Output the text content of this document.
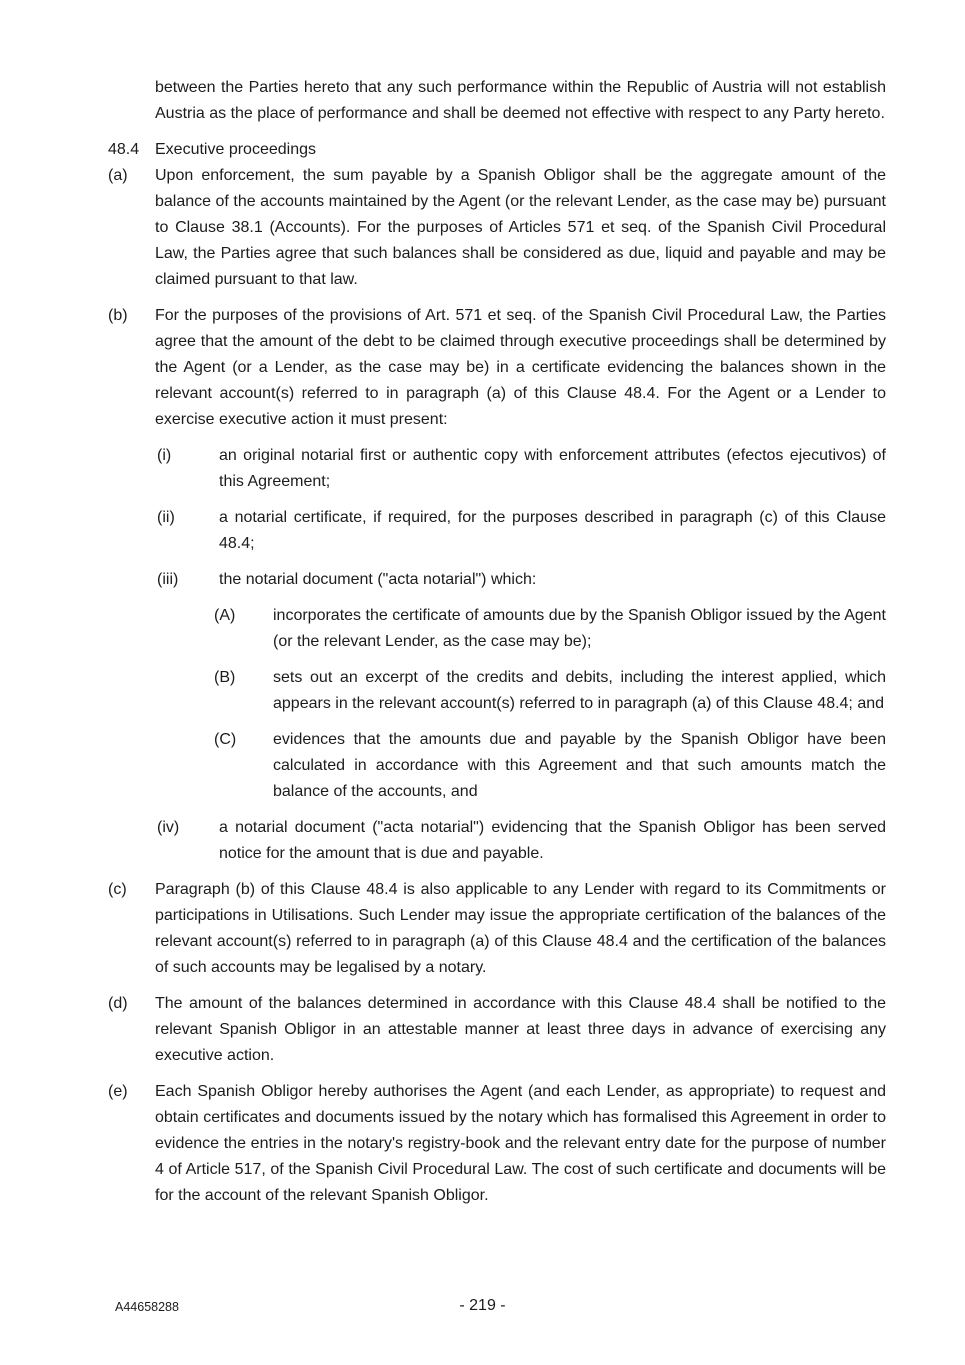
between the Parties hereto that any such performance within the Republic of Austria will not establish Austria as the place of performance and shall be deemed not effective with respect to any Party hereto.
48.4 Executive proceedings
(a)	Upon enforcement, the sum payable by a Spanish Obligor shall be the aggregate amount of the balance of the accounts maintained by the Agent (or the relevant Lender, as the case may be) pursuant to Clause 38.1 (Accounts). For the purposes of Articles 571 et seq. of the Spanish Civil Procedural Law, the Parties agree that such balances shall be considered as due, liquid and payable and may be claimed pursuant to that law.
(b)	For the purposes of the provisions of Art. 571 et seq. of the Spanish Civil Procedural Law, the Parties agree that the amount of the debt to be claimed through executive proceedings shall be determined by the Agent (or a Lender, as the case may be) in a certificate evidencing the balances shown in the relevant account(s) referred to in paragraph (a) of this Clause 48.4. For the Agent or a Lender to exercise executive action it must present:
(i)	an original notarial first or authentic copy with enforcement attributes (efectos ejecutivos) of this Agreement;
(ii)	a notarial certificate, if required, for the purposes described in paragraph (c) of this Clause 48.4;
(iii)	the notarial document ("acta notarial") which:
(A)	incorporates the certificate of amounts due by the Spanish Obligor issued by the Agent (or the relevant Lender, as the case may be);
(B)	sets out an excerpt of the credits and debits, including the interest applied, which appears in the relevant account(s) referred to in paragraph (a) of this Clause 48.4; and
(C)	evidences that the amounts due and payable by the Spanish Obligor have been calculated in accordance with this Agreement and that such amounts match the balance of the accounts, and
(iv)	a notarial document ("acta notarial") evidencing that the Spanish Obligor has been served notice for the amount that is due and payable.
(c)	Paragraph (b) of this Clause 48.4 is also applicable to any Lender with regard to its Commitments or participations in Utilisations. Such Lender may issue the appropriate certification of the balances of the relevant account(s) referred to in paragraph (a) of this Clause 48.4 and the certification of the balances of such accounts may be legalised by a notary.
(d)	The amount of the balances determined in accordance with this Clause 48.4 shall be notified to the relevant Spanish Obligor in an attestable manner at least three days in advance of exercising any executive action.
(e)	Each Spanish Obligor hereby authorises the Agent (and each Lender, as appropriate) to request and obtain certificates and documents issued by the notary which has formalised this Agreement in order to evidence the entries in the notary's registry-book and the relevant entry date for the purpose of number 4 of Article 517, of the Spanish Civil Procedural Law. The cost of such certificate and documents will be for the account of the relevant Spanish Obligor.
A44658288	- 219 -
